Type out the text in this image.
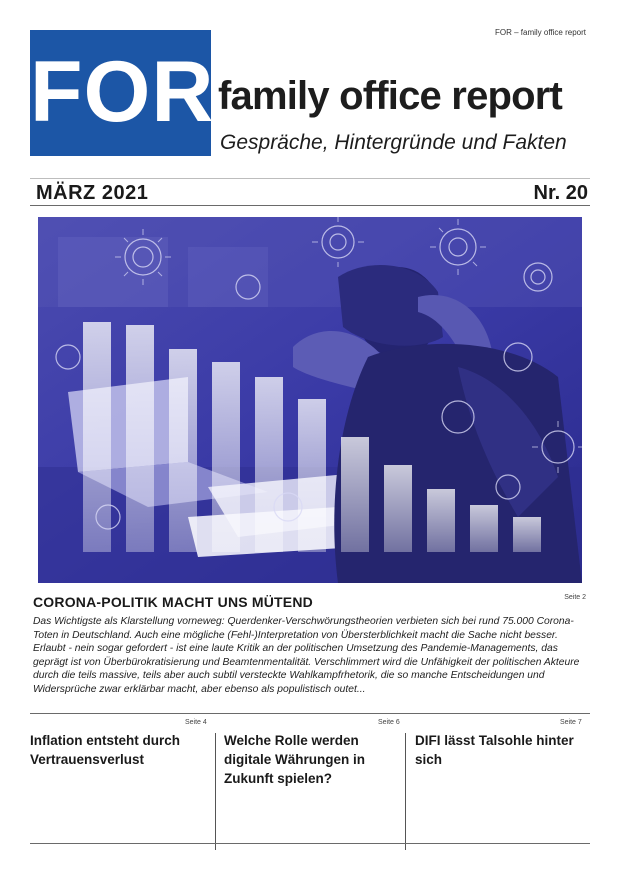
FOR – family office report
FOR family office report
Gespräche, Hintergründe und Fakten
MÄRZ 2021	Nr. 20
Seite 2
CORONA-POLITIK MACHT UNS MÜTEND

Das Wichtigste als Klarstellung vorneweg: Querdenker-Verschwörungstheorien verbieten sich bei rund 75.000 Corona-Toten in Deutschland. Auch eine mögliche (Fehl-)Interpretation von Übersterblichkeit macht die Sache nicht besser. Erlaubt - nein sogar gefordert - ist eine laute Kritik an der politischen Umsetzung des Pandemie-Managements, das geprägt ist von Überbürokratisierung und Beamtenmentalität. Verschlimmert wird die Unfähigkeit der politischen Akteure durch die teils massive, teils aber auch subtil versteckte Wahlkampfrhetorik, die so manche Entscheidungen und Widersprüche zwar erklärbar macht, aber ebenso als populistisch outet...

Seite 4
Inflation entsteht durch Vertrauensverlust
Seite 6
Welche Rolle werden digitale Währungen in Zukunft spielen?
Seite 7
DIFI lässt Talsohle hinter sich
